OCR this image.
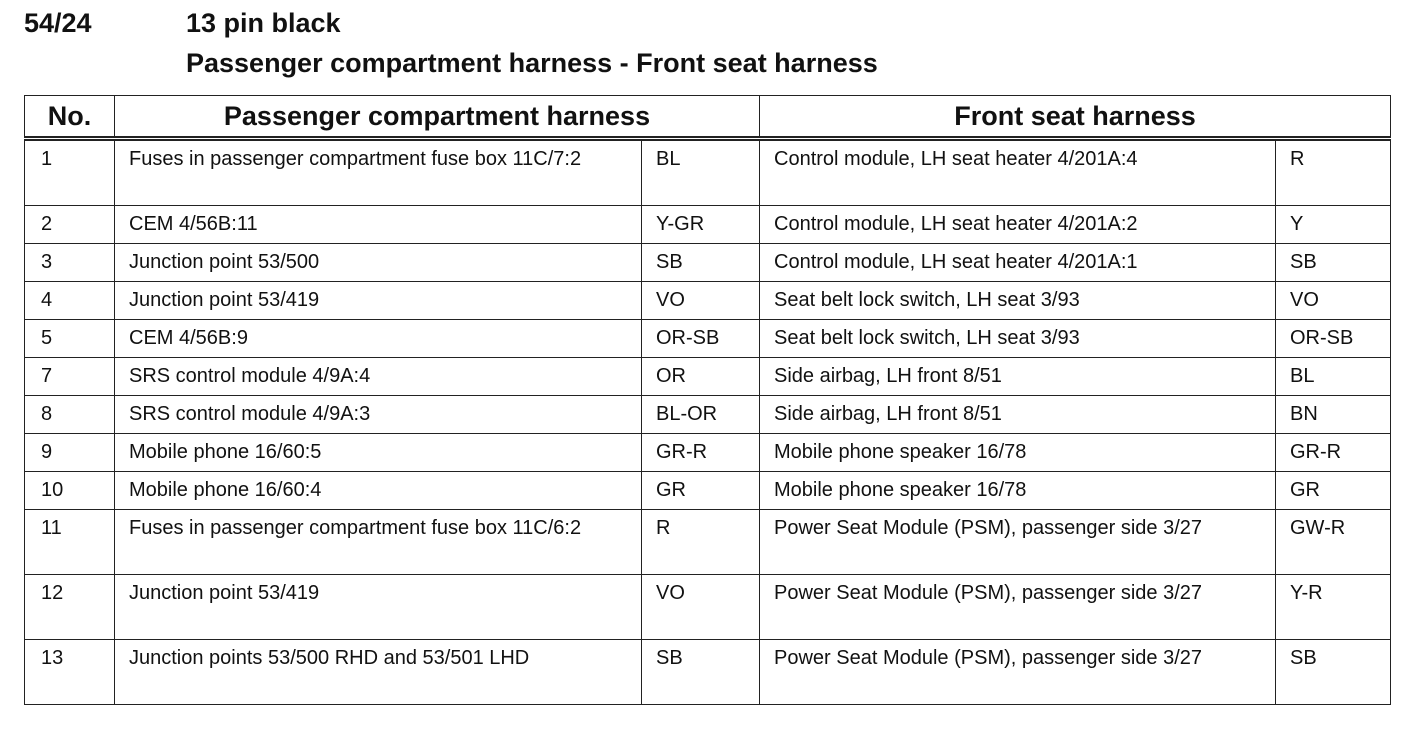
54/24	13 pin black
Passenger compartment harness - Front seat harness
No.	Passenger compartment harness		Front seat harness	
1	Fuses in passenger compartment fuse box 11C/7:2	BL	Control module, LH seat heater 4/201A:4	R
2	CEM 4/56B:11	Y-GR	Control module, LH seat heater 4/201A:2	Y
3	Junction point 53/500	SB	Control module, LH seat heater 4/201A:1	SB
4	Junction point 53/419	VO	Seat belt lock switch, LH seat 3/93	VO
5	CEM 4/56B:9	OR-SB	Seat belt lock switch, LH seat 3/93	OR-SB
7	SRS control module 4/9A:4	OR	Side airbag, LH front 8/51	BL
8	SRS control module 4/9A:3	BL-OR	Side airbag, LH front 8/51	BN
9	Mobile phone 16/60:5	GR-R	Mobile phone speaker 16/78	GR-R
10	Mobile phone 16/60:4	GR	Mobile phone speaker 16/78	GR
11	Fuses in passenger compartment fuse box 11C/6:2	R	Power Seat Module (PSM), passenger side 3/27	GW-R
12	Junction point 53/419	VO	Power Seat Module (PSM), passenger side 3/27	Y-R
13	Junction points 53/500 RHD and 53/501 LHD	SB	Power Seat Module (PSM), passenger side 3/27	SB
